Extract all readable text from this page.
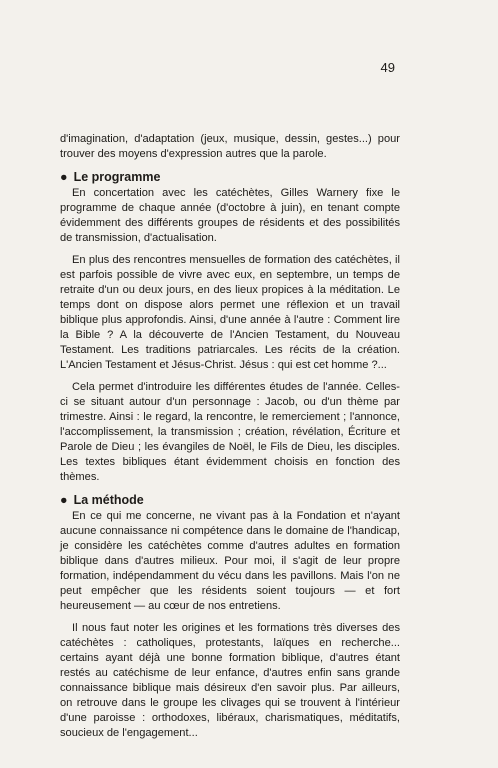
49

d'imagination, d'adaptation (jeux, musique, dessin, gestes...) pour trouver des moyens d'expression autres que la parole.

● Le programme

En concertation avec les catéchètes, Gilles Warnery fixe le programme de chaque année (d'octobre à juin), en tenant compte évidemment des différents groupes de résidents et des possibilités de transmission, d'actualisation.

En plus des rencontres mensuelles de formation des catéchètes, il est parfois possible de vivre avec eux, en septembre, un temps de retraite d'un ou deux jours, en des lieux propices à la méditation. Le temps dont on dispose alors permet une réflexion et un travail biblique plus approfondis. Ainsi, d'une année à l'autre : Comment lire la Bible ? A la découverte de l'Ancien Testament, du Nouveau Testament. Les traditions patriarcales. Les récits de la création. L'Ancien Testament et Jésus-Christ. Jésus : qui est cet homme ?...

Cela permet d'introduire les différentes études de l'année. Celles-ci se situant autour d'un personnage : Jacob, ou d'un thème par trimestre. Ainsi : le regard, la rencontre, le remerciement ; l'annonce, l'accomplissement, la transmission ; création, révélation, Écriture et Parole de Dieu ; les évangiles de Noël, le Fils de Dieu, les disciples. Les textes bibliques étant évidemment choisis en fonction des thèmes.

● La méthode

En ce qui me concerne, ne vivant pas à la Fondation et n'ayant aucune connaissance ni compétence dans le domaine de l'handicap, je considère les catéchètes comme d'autres adultes en formation biblique dans d'autres milieux. Pour moi, il s'agit de leur propre formation, indépendamment du vécu dans les pavillons. Mais l'on ne peut empêcher que les résidents soient toujours — et fort heureusement — au cœur de nos entretiens.

Il nous faut noter les origines et les formations très diverses des catéchètes : catholiques, protestants, laïques en recherche... certains ayant déjà une bonne formation biblique, d'autres étant restés au catéchisme de leur enfance, d'autres enfin sans grande connaissance biblique mais désireux d'en savoir plus. Par ailleurs, on retrouve dans le groupe les clivages qui se trouvent à l'intérieur d'une paroisse : orthodoxes, libéraux, charismatiques, méditatifs, soucieux de l'engagement...
